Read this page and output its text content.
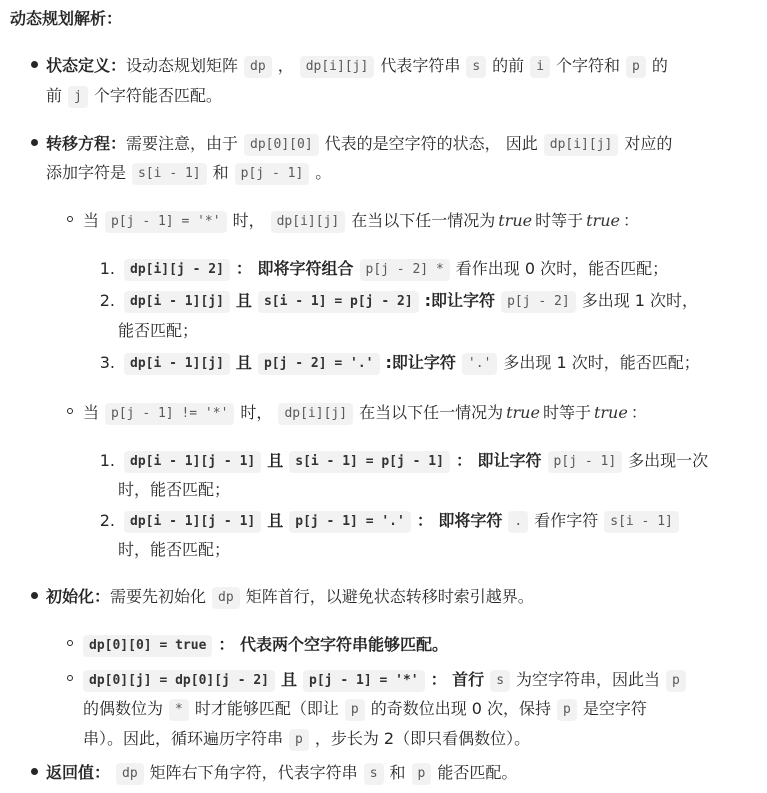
动态规划解析：
状态定义：设动态规划矩阵 dp ， dp[i][j] 代表字符串 s 的前 i 个字符和 p 的
前 j 个字符能否匹配。
转移方程：需要注意，由于 dp[0][0] 代表的是空字符的状态， 因此 dp[i][j] 对应的
添加字符是 s[i - 1] 和 p[j - 1] 。
当 p[j - 1] = '*' 时， dp[i][j] 在当以下任一情况为 true 时等于 true ：
1.	dp[i][j - 2] ： 即将字符组合 p[j - 2] * 看作出现 0 次时，能否匹配；
2.	dp[i - 1][j] 且 s[i - 1] = p[j - 2] :即让字符 p[j - 2] 多出现 1 次时，
能否匹配；
3.	dp[i - 1][j] 且 p[j - 2] = '.' :即让字符 '.' 多出现 1 次时，能否匹配；
当 p[j - 1] != '*' 时， dp[i][j] 在当以下任一情况为 true 时等于 true ：
1.	dp[i - 1][j - 1] 且 s[i - 1] = p[j - 1] ： 即让字符 p[j - 1] 多出现一次
时，能否匹配；
2.	dp[i - 1][j - 1] 且 p[j - 1] = '.' ： 即将字符 . 看作字符 s[i - 1]
时，能否匹配；
初始化：需要先初始化 dp 矩阵首行，以避免状态转移时索引越界。
dp[0][0] = true ： 代表两个空字符串能够匹配。
dp[0][j] = dp[0][j - 2] 且 p[j - 1] = '*' ： 首行 s 为空字符串，因此当 p
的偶数位为 * 时才能够匹配（即让 p 的奇数位出现 0 次，保持 p 是空字符
串）。因此，循环遍历字符串 p ，步长为 2（即只看偶数位）。
返回值： dp 矩阵右下角字符，代表字符串 s 和 p 能否匹配。
